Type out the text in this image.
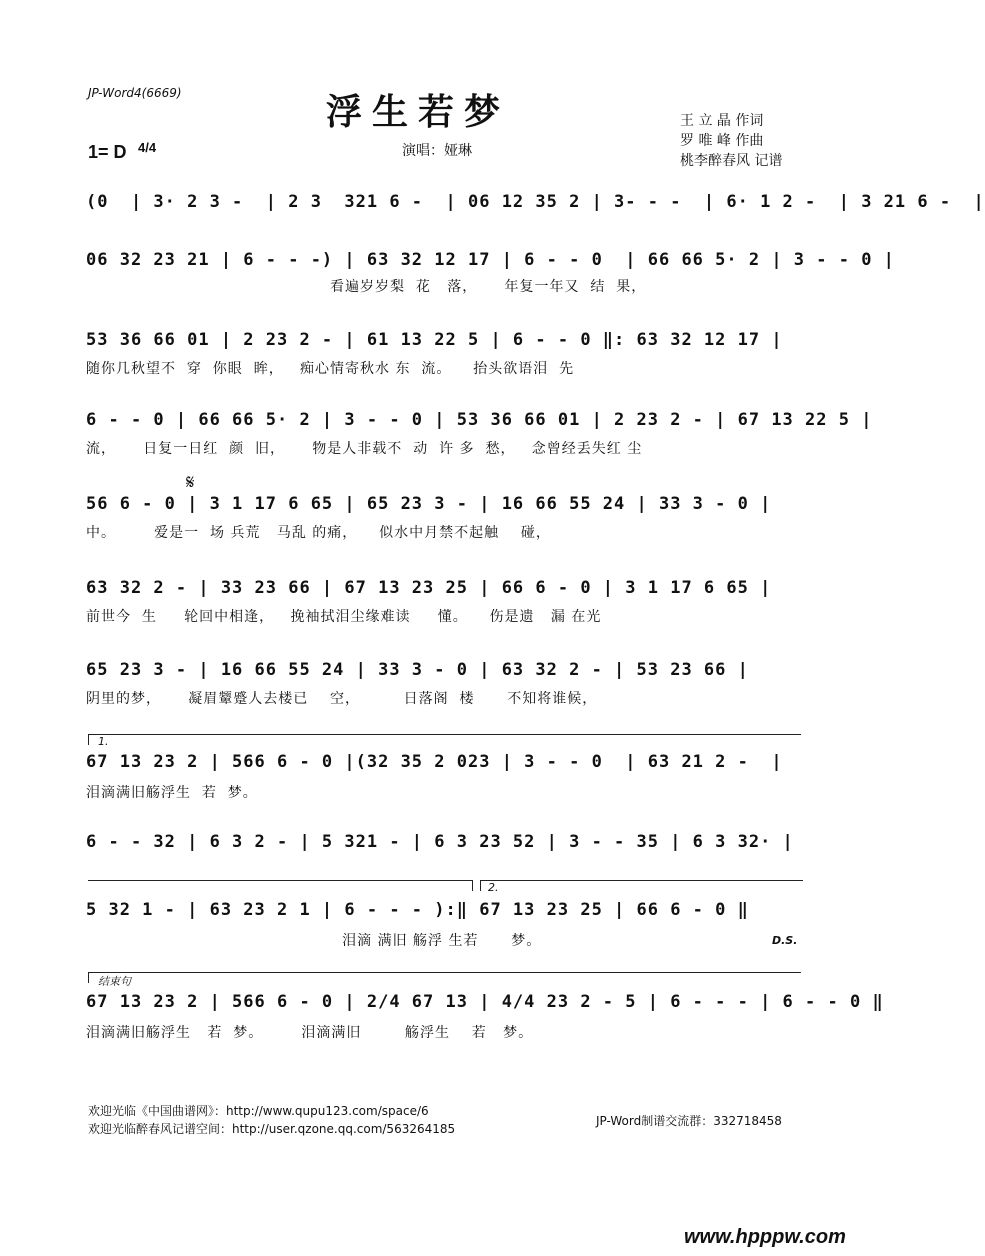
JP-Word4(6669)	浮生若梦
1= D 4/4	演唱：娅琳
王 立 晶 作词
罗 唯 峰 作曲
桃李醉春风 记谱
(0  | 3· 2 3 -  | 2 3  321 6 -  | 06 12 35 2 | 3- - -  | 6· 1 2 -  | 3 21 6 -  |
06 32 23 21 | 6 - - -) | 63 32 12 17 | 6 - - 0  | 66 66 5· 2 | 3 - - 0 |
看遍岁岁梨  花   落，     年复一年又  结  果，
53 36 66 01 | 2 23 2 - | 61 13 22 5 | 6 - - 0 ‖: 63 32 12 17 |
随你几秋望不  穿  你眼  眸，   痴心情寄秋水 东  流。    抬头欲语泪  先
6 - - 0 | 66 66 5· 2 | 3 - - 0 | 53 36 66 01 | 2 23 2 - | 67 13 22 5 |
流，     日复一日红  颜  旧，     物是人非载不  动  许 多  愁，   念曾经丢失红 尘
𝄋
56 6 - 0 | 3 1 17 6 65 | 65 23 3 - | 16 66 55 24 | 33 3 - 0 |
中。       爱是一  场 兵荒   马乱 的痛，    似水中月禁不起触    碰，
63 32 2 - | 33 23 66 | 67 13 23 25 | 66 6 - 0 | 3 1 17 6 65 |
前世今  生     轮回中相逢，   挽袖拭泪尘缘难读     懂。    伤是遗   漏 在光
65 23 3 - | 16 66 55 24 | 33 3 - 0 | 63 32 2 - | 53 23 66 |
阴里的梦，     凝眉颦蹙人去楼已    空，        日落阁  楼      不知将谁候，
1.
67 13 23 2 | 566 6 - 0 |(32 35 2 023 | 3 - - 0  | 63 21 2 -  |
泪滴满旧觞浮生  若  梦。
6 - - 32 | 6 3 2 - | 5 321 - | 6 3 23 52 | 3 - - 35 | 6 3 32· |
2.
5 32 1 - | 63 23 2 1 | 6 - - - ):‖ 67 13 23 25 | 66 6 - 0 ‖
泪滴 满旧 觞浮 生若      梦。	D.S.
结束句
67 13 23 2 | 566 6 - 0 | 2/4 67 13 | 4/4 23 2 - 5 | 6 - - - | 6 - - 0 ‖
泪滴满旧觞浮生   若  梦。       泪滴满旧        觞浮生    若   梦。
欢迎光临《中国曲谱网》：http://www.qupu123.com/space/6
欢迎光临醉春风记谱空间：http://user.qzone.qq.com/563264185
JP-Word制谱交流群：332718458
www.hpppw.com
